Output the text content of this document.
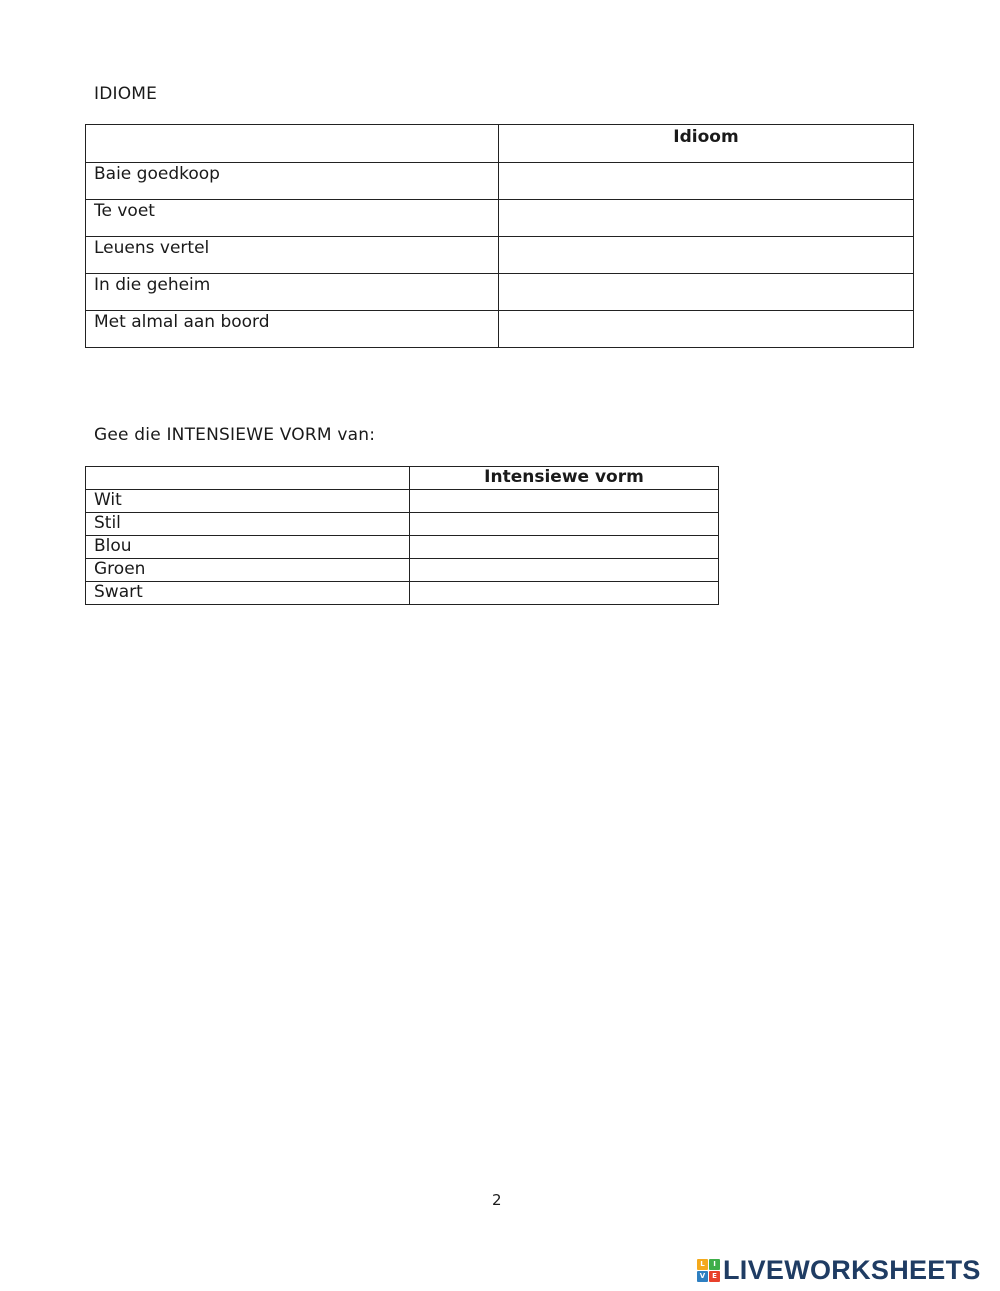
IDIOME
	Idioom
Baie goedkoop	
Te voet	
Leuens vertel	
In die geheim	
Met almal aan boord	
Gee die INTENSIEWE VORM van:
	Intensiewe vorm
Wit	
Stil	
Blou	
Groen	
Swart	
2
L	I
V E LIVEWORKSHEETS
